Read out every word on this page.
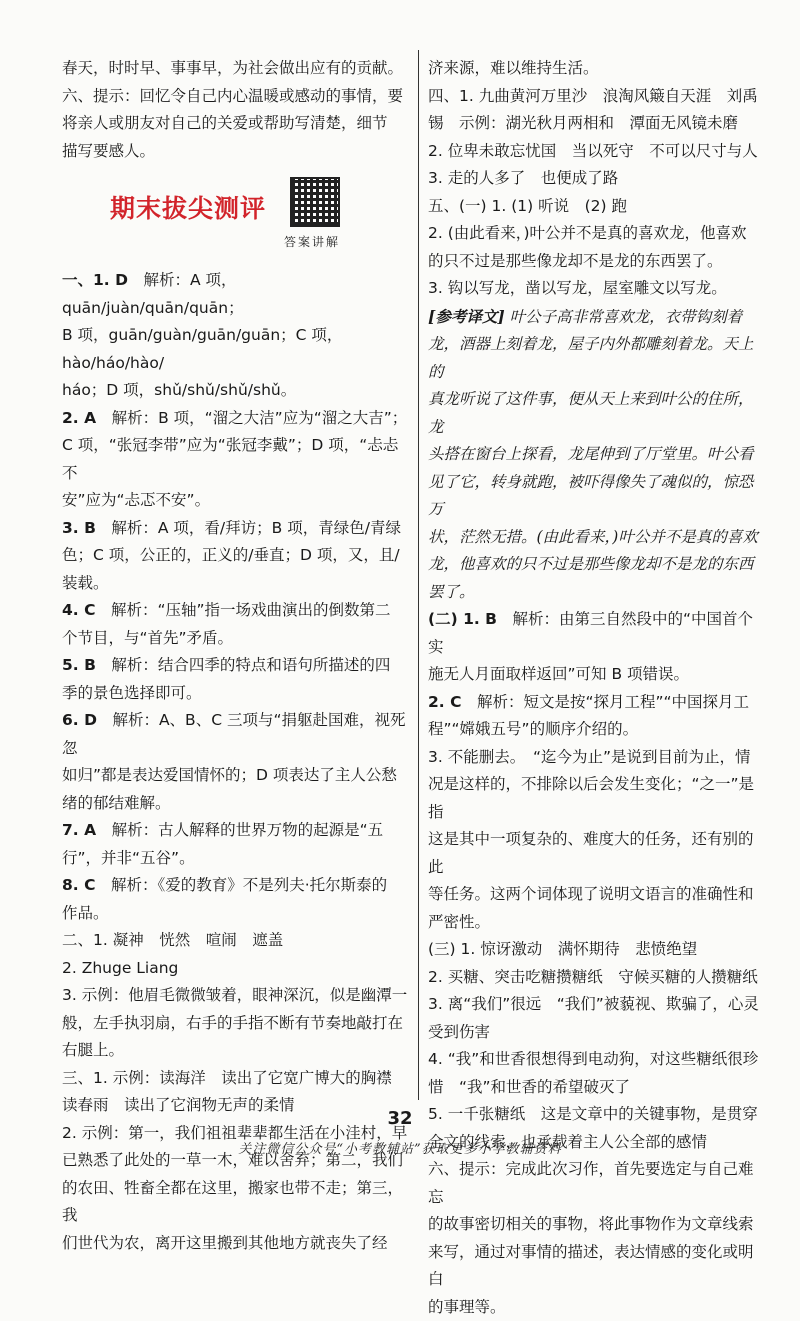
春天，时时早、事事早，为社会做出应有的贡献。

六、提示：回忆令自己内心温暖或感动的事情，要

将亲人或朋友对自己的关爱或帮助写清楚，细节

描写要感人。

期末拔尖测评
答案讲解

一、1. D　 解析：A 项，quān/juàn/quān/quān；

B 项，guān/guàn/guān/guān；C 项，hào/háo/hào/

háo；D 项，shǔ/shǔ/shǔ/shǔ。

2. A　 解析：B 项，“溜之大洁”应为“溜之大吉”；

C 项，“张冠李带”应为“张冠李戴”；D 项，“忐忐不

安”应为“忐忑不安”。

3. B　 解析：A 项，看/拜访；B 项，青绿色/青绿

色；C 项，公正的，正义的/垂直；D 项，又，且/

装载。

4. C　 解析：“压轴”指一场戏曲演出的倒数第二

个节目，与“首先”矛盾。

5. B　 解析：结合四季的特点和语句所描述的四

季的景色选择即可。

6. D　 解析：A、B、C 三项与“捐躯赴国难，视死忽

如归”都是表达爱国情怀的；D 项表达了主人公愁

绪的郁结难解。

7. A　 解析：古人解释的世界万物的起源是“五

行”，并非“五谷”。

8. C　 解析：《爱的教育》不是列夫·托尔斯泰的

作品。

二、1. 凝神　恍然　喧闹　遮盖

2. Zhuge Liang

3. 示例：他眉毛微微皱着，眼神深沉，似是幽潭一

般，左手执羽扇，右手的手指不断有节奏地敲打在

右腿上。

三、1. 示例：读海洋　读出了它宽广博大的胸襟

读春雨　读出了它润物无声的柔情

2. 示例：第一，我们祖祖辈辈都生活在小洼村，早

已熟悉了此处的一草一木，难以舍弃；第二，我们

的农田、牲畜全都在这里，搬家也带不走；第三，我

们世代为农，离开这里搬到其他地方就丧失了经

济来源，难以维持生活。

四、1. 九曲黄河万里沙　浪淘风簸自天涯　刘禹

锡　示例：湖光秋月两相和　潭面无风镜未磨

2. 位卑未敢忘忧国　当以死守　不可以尺寸与人

3. 走的人多了　也便成了路

五、(一) 1. (1) 听说　(2) 跑

2. (由此看来，)叶公并不是真的喜欢龙，他喜欢

的只不过是那些像龙却不是龙的东西罢了。

3. 钩以写龙，凿以写龙，屋室雕文以写龙。

[参考译文] 叶公子高非常喜欢龙，衣带钩刻着

龙，酒器上刻着龙，屋子内外都雕刻着龙。天上的

真龙听说了这件事，便从天上来到叶公的住所，龙

头搭在窗台上探看，龙尾伸到了厅堂里。叶公看

见了它，转身就跑，被吓得像失了魂似的，惊恐万

状，茫然无措。(由此看来，)叶公并不是真的喜欢

龙，他喜欢的只不过是那些像龙却不是龙的东西

罢了。

(二) 1. B　 解析：由第三自然段中的“中国首个实

施无人月面取样返回”可知 B 项错误。

2. C　 解析：短文是按“探月工程”“中国探月工

程”“嫦娥五号”的顺序介绍的。

3. 不能删去。　“迄今为止”是说到目前为止，情

况是这样的，不排除以后会发生变化；“之一”是指

这是其中一项复杂的、难度大的任务，还有别的此

等任务。这两个词体现了说明文语言的准确性和

严密性。

(三) 1. 惊讶激动　满怀期待　悲愤绝望

2. 买糖、突击吃糖攒糖纸　守候买糖的人攒糖纸

3. 离“我们”很远　“我们”被藐视、欺骗了，心灵

受到伤害

4. “我”和世香很想得到电动狗，对这些糖纸很珍

惜　“我”和世香的希望破灭了

5. 一千张糖纸　这是文章中的关键事物，是贯穿

全文的线索，也承载着主人公全部的感情

六、提示：完成此次习作，首先要选定与自己难忘

的故事密切相关的事物，将此事物作为文章线索

来写，通过对事情的描述，表达情感的变化或明白

的事理等。

32
关注微信公众号“小考教辅站”获取更多小学教辅资料
